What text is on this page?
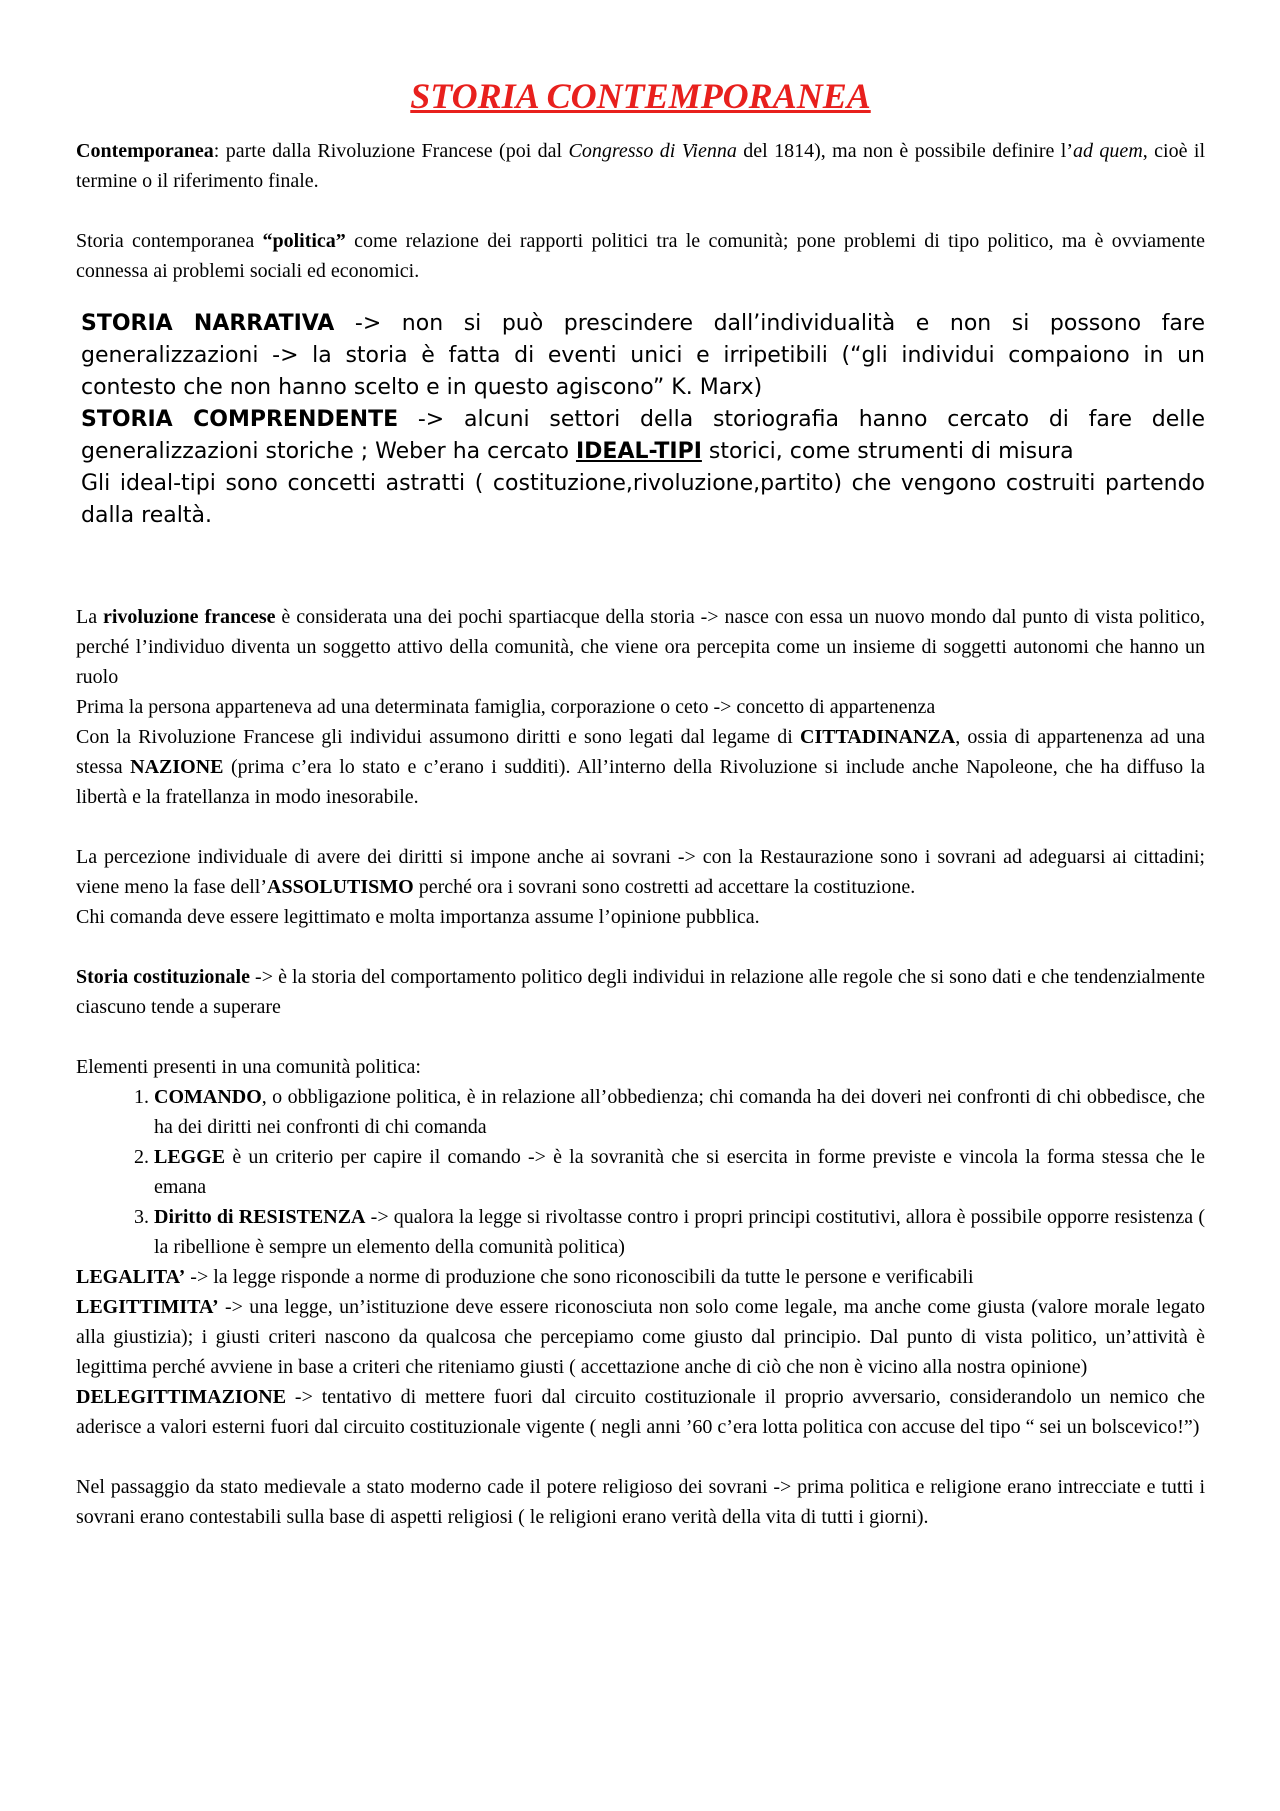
STORIA CONTEMPORANEA

Contemporanea: parte dalla Rivoluzione Francese (poi dal Congresso di Vienna del 1814), ma non è possibile definire l’ad quem, cioè il termine o il riferimento finale.

Storia contemporanea “politica” come relazione dei rapporti politici tra le comunità; pone problemi di tipo politico, ma è ovviamente connessa ai problemi sociali ed economici.

STORIA NARRATIVA -> non si può prescindere dall’individualità e non si possono fare generalizzazioni -> la storia è fatta di eventi unici e irripetibili (“gli individui compaiono in un contesto che non hanno scelto e in questo agiscono” K. Marx)

STORIA COMPRENDENTE -> alcuni settori della storiografia hanno cercato di fare delle generalizzazioni storiche ; Weber ha cercato IDEAL-TIPI storici, come strumenti di misura

Gli ideal-tipi sono concetti astratti ( costituzione,rivoluzione,partito) che vengono costruiti partendo dalla realtà.

La rivoluzione francese è considerata una dei pochi spartiacque della storia -> nasce con essa un nuovo mondo dal punto di vista politico, perché l’individuo diventa un soggetto attivo della comunità, che viene ora percepita come un insieme di soggetti autonomi che hanno un ruolo

Prima la persona apparteneva ad una determinata famiglia, corporazione o ceto -> concetto di appartenenza

Con la Rivoluzione Francese gli individui assumono diritti e sono legati dal legame di CITTADINANZA, ossia di appartenenza ad una stessa NAZIONE (prima c’era lo stato e c’erano i sudditi). All’interno della Rivoluzione si include anche Napoleone, che ha diffuso la libertà e la fratellanza in modo inesorabile.

La percezione individuale di avere dei diritti si impone anche ai sovrani -> con la Restaurazione sono i sovrani ad adeguarsi ai cittadini; viene meno la fase dell’ASSOLUTISMO perché ora i sovrani sono costretti ad accettare la costituzione.

Chi comanda deve essere legittimato e molta importanza assume l’opinione pubblica.

Storia costituzionale -> è la storia del comportamento politico degli individui in relazione alle regole che si sono dati e che tendenzialmente ciascuno tende a superare

Elementi presenti in una comunità politica:

1. COMANDO, o obbligazione politica, è in relazione all’obbedienza; chi comanda ha dei doveri nei confronti di chi obbedisce, che ha dei diritti nei confronti di chi comanda
2. LEGGE è un criterio per capire il comando -> è la sovranità che si esercita in forme previste e vincola la forma stessa che le emana
3. Diritto di RESISTENZA -> qualora la legge si rivoltasse contro i propri principi costitutivi, allora è possibile opporre resistenza ( la ribellione è sempre un elemento della comunità politica)

LEGALITA’ -> la legge risponde a norme di produzione che sono riconoscibili da tutte le persone e verificabili

LEGITTIMITA’ -> una legge, un’istituzione deve essere riconosciuta non solo come legale, ma anche come giusta (valore morale legato alla giustizia); i giusti criteri nascono da qualcosa che percepiamo come giusto dal principio. Dal punto di vista politico, un’attività è legittima perché avviene in base a criteri che riteniamo giusti ( accettazione anche di ciò che non è vicino alla nostra opinione)

DELEGITTIMAZIONE -> tentativo di mettere fuori dal circuito costituzionale il proprio avversario, considerandolo un nemico che aderisce a valori esterni fuori dal circuito costituzionale vigente ( negli anni ’60 c’era lotta politica con accuse del tipo “ sei un bolscevico!”)

Nel passaggio da stato medievale a stato moderno cade il potere religioso dei sovrani -> prima politica e religione erano intrecciate e tutti i sovrani erano contestabili sulla base di aspetti religiosi ( le religioni erano verità della vita di tutti i giorni).
